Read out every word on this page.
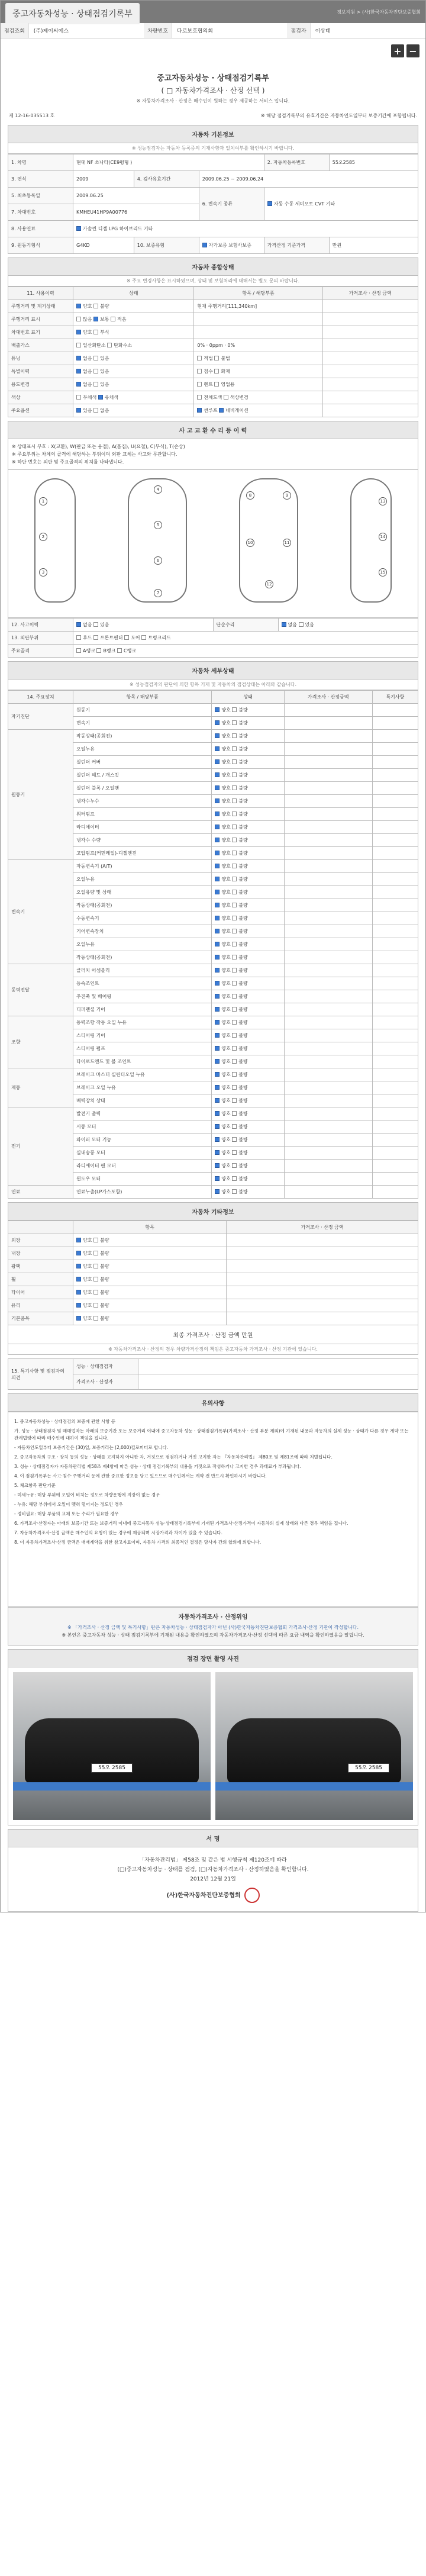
중고자동차성능 · 상태점검기록부	정보지원 > (사)한국자동차진단보증협회
점검조회	(주)제이씨에스	차량번호	다로보호협의회	점검자	이상태
+ −
중고자동차성능 · 상태점검기록부
( □ 자동차가격조사 · 산정 선택 )
※ 자동차가격조사 · 산정은 매수인이 원하는 경우 제공하는 서비스 입니다.
제 12-16-035513 호	※ 해당 점검기록부의 유효기간은 자동차인도일부터 보증기간에 포함됩니다.
자동차 기본정보
※ 성능점검자는 자동차 등록증의 기재사항과 일치여부를 확인하시기 바랍니다.
1. 차명	현대 NF 쏘나타(CE9평형 )			2. 자동차등록번호	55오2585
3. 연식	2009	4. 검사유효기간	2009.06.25 ~ 2009.06.24		
5. 최초등록일	2009.06.25		6. 변속기 종류	자동 수동 세미오토 CVT 기타	
7. 차대번호	KMHEU41HP9A00776				
8. 사용연료	가솔린 디젤 LPG 하이브리드 기타				
9. 원동기형식	G4KD	10. 보증유형	자가보증 보험사보증	가격산정 기준가격	만원
자동차 종합상태
※ 주요 변경사항은 표시하였으며, 상태 및 보험처리에 대해서는 별도 문의 바랍니다.
11. 사용이력	상태	항목 / 해당부품	가격조사 · 산정 금액
주행거리 및 계기상태	양호 불량	현재 주행거리[111,340km]	
주행거리 표시	많음 보통 적음		
차대번호 표기	양호 부식		
배출가스	일산화탄소 탄화수소	0% · 0ppm · 0%	
튜닝	없음 있음	적법 불법	
특별이력	없음 있음	침수 화재	
용도변경	없음 있음	렌트 영업용	
색상	무채색 유채색	전체도색 색상변경	
주요옵션	있음 없음	썬루프 네비게이션	
사 고 교 환 수 리 등 이 력
※ 상태표시 부호 : X(교환), W(판금 또는 용접), A(흠집), U(요철), C(부식), T(손상)
※ 주요부위는 차체의 골격에 해당하는 부위이며 외판 교체는 사고와 무관합니다.
※ 하단 번호는 외판 및 주요골격의 위치를 나타냅니다.
1
2
3
4
5
6
7
8	9
10	11
12
13
14
15
12. 사고이력	없음 있음	단순수리	없음 있음
13. 외판부위	후드 프론트펜더 도어 트렁크리드		
주요골격	A랭크 B랭크 C랭크		
자동차 세부상태
※ 성능점검자의 판단에 의한 항목 기재 및 자동차의 점검상태는 아래와 같습니다.
14. 주요장치	항목 / 해당부품	상태	가격조사 · 산정금액	특기사항
자기진단	원동기	양호 불량		
	변속기	양호 불량		
원동기	작동상태(공회전)	양호 불량		
	오일누유	양호 불량		
	실린더 커버	양호 불량		
	실린더 헤드 / 개스킷	양호 불량		
	실린더 블록 / 오일팬	양호 불량		
	냉각수누수	양호 불량		
	워터펌프	양호 불량		
	라디에이터	양호 불량		
	냉각수 수량	양호 불량		
	고압펌프(커먼레일)-디젤엔진	양호 불량		
변속기	자동변속기 (A/T)	양호 불량		
	오일누유	양호 불량		
	오일유량 및 상태	양호 불량		
	작동상태(공회전)	양호 불량		
	수동변속기	양호 불량		
	기어변속장치	양호 불량		
	오일누유	양호 불량		
	작동상태(공회전)	양호 불량		
동력전달	클러치 어셈블리	양호 불량		
	등속조인트	양호 불량		
	추진축 및 베어링	양호 불량		
	디퍼렌셜 기어	양호 불량		
조향	동력조향 작동 오일 누유	양호 불량		
	스티어링 기어	양호 불량		
	스티어링 펌프	양호 불량		
	타이로드엔드 및 볼 조인트	양호 불량		
제동	브레이크 마스터 실린더오일 누유	양호 불량		
	브레이크 오일 누유	양호 불량		
	배력장치 상태	양호 불량		
전기	발전기 출력	양호 불량		
	시동 모터	양호 불량		
	와이퍼 모터 기능	양호 불량		
	실내송풍 모터	양호 불량		
	라디에이터 팬 모터	양호 불량		
	윈도우 모터	양호 불량		
연료	연료누출(LP가스포함)	양호 불량		
자동차 기타정보
	항목	가격조사 · 산정 금액
외장	양호 불량	
내장	양호 불량	
광택	양호 불량	
휠	양호 불량	
타이어	양호 불량	
유리	양호 불량	
기본품목	양호 불량	
최종 가격조사 · 산정 금액 만원
※ 자동차가격조사 · 산정의 경우 차량가격산정의 책임은 중고자동차 가격조사 · 산정 기관에 있습니다.
15. 특기사항 및 점검자의 의견	성능 · 상태점검자	
	가격조사 · 산정자	
유의사항

1. 중고자동차성능 · 상태점검의 보증에 관한 사항 등

가. 성능 · 상태점검자 및 매매업자는 아래의 보증기간 또는 보증거리 이내에 중고자동차 성능 · 상태점검기록부(가격조사 · 산정 부분 제외)에 기재된 내용과 자동차의 실제 성능 · 상태가 다른 경우 계약 또는 관계법령에 따라 매수인에 대하여 책임을 집니다.

- 자동차인도일부터 보증기간은 (30)일, 보증거리는 (2,000)킬로미터로 합니다.

2. 중고자동차의 구조 · 장치 등의 성능 · 상태를 고지하지 아니한 자, 거짓으로 점검하거나 거짓 고지한 자는 『자동차관리법』 제80조 및 제81조에 따라 처벌됩니다.

3. 성능 · 상태점검자가 자동차관리법 제58조 제4항에 따른 성능 · 상태 점검기록부의 내용을 거짓으로 작성하거나 고지한 경우 과태료가 부과됩니다.

4. 이 점검기록부는 사고·침수·주행거리 등에 관한 중요한 정보를 담고 있으므로 매수인께서는 계약 전 반드시 확인하시기 바랍니다.

5. 체크항목 판단기준

- 미세누유: 해당 부위에 오일이 비치는 정도로 차량운행에 지장이 없는 경우

- 누유: 해당 부위에서 오일이 맺혀 떨어지는 정도인 경우

- 정비필요: 해당 부품의 교체 또는 수리가 필요한 경우

6. 가격조사·산정자는 아래의 보증기간 또는 보증거리 이내에 중고자동차 성능·상태점검기록부에 기재된 가격조사·산정가격이 자동차의 실제 상태와 다른 경우 책임을 집니다.

7. 자동차가격조사·산정 금액은 매수인의 요청이 있는 경우에 제공되며 시장가격과 차이가 있을 수 있습니다.

8. 이 자동차가격조사·산정 금액은 매매계약을 위한 참고자료이며, 자동차 가격의 최종적인 결정은 당사자 간의 합의에 의합니다.

자동차가격조사 · 산정위임
※ 「가격조사 · 산정 금액 및 특기사항」란은 자동차성능 · 상태점검자가 아닌 (사)한국자동차진단보증협회 가격조사·산정 기관이 작성합니다.
※ 본인은 중고자동차 성능 · 상태 점검기록부에 기재된 내용을 확인하였으며 자동차가격조사·산정 선택에 따른 요금 내역을 확인하였음을 알립니다.
점검 장면 촬영 사진
55오 2585	55오 2585
서 명
「자동차관리법」 제58조 및 같은 법 시행규칙 제120조에 따라
(□)중고자동차성능 · 상태를 점검, (□)자동차가격조사 · 산정하였음을 확인합니다.
2012년 12월 21일
(사)한국자동차진단보증협회
